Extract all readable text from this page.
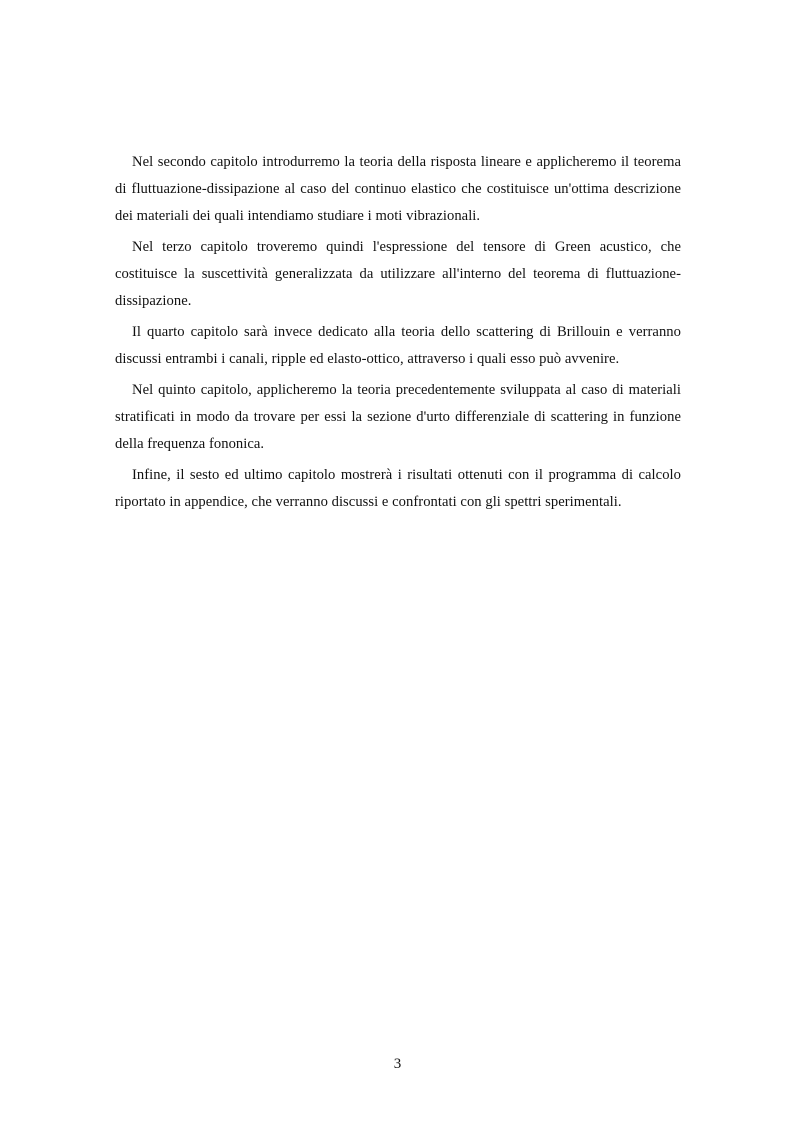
Nel secondo capitolo introdurremo la teoria della risposta lineare e applicheremo il teorema di fluttuazione-dissipazione al caso del continuo elastico che costituisce un'ottima descrizione dei materiali dei quali intendiamo studiare i moti vibrazionali.

Nel terzo capitolo troveremo quindi l'espressione del tensore di Green acustico, che costituisce la suscettività generalizzata da utilizzare all'interno del teorema di fluttuazione-dissipazione.

Il quarto capitolo sarà invece dedicato alla teoria dello scattering di Brillouin e verranno discussi entrambi i canali, ripple ed elasto-ottico, attraverso i quali esso può avvenire.

Nel quinto capitolo, applicheremo la teoria precedentemente sviluppata al caso di materiali stratificati in modo da trovare per essi la sezione d'urto differenziale di scattering in funzione della frequenza fononica.

Infine, il sesto ed ultimo capitolo mostrerà i risultati ottenuti con il programma di calcolo riportato in appendice, che verranno discussi e confrontati con gli spettri sperimentali.

3
